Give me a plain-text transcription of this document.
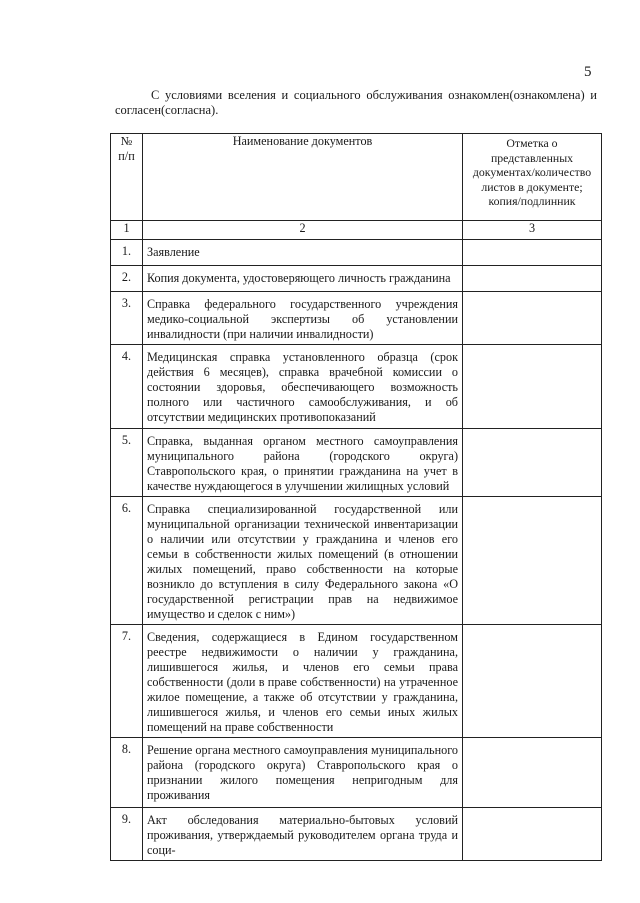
5
С условиями вселения и социального обслуживания ознакомлен(ознакомлена) и согласен(согласна).
№
п/п	Наименование документов	Отметка о представленных документах/количество листов в документе; копия/подлинник
1	2	3
1.	Заявление	
2.	Копия документа, удостоверяющего личность гражданина	
3.	Справка федерального государственного учреждения медико-социальной экспертизы об установлении инвалидности (при наличии инвалидности)	
4.	Медицинская справка установленного образца (срок действия 6 месяцев), справка врачебной комиссии о состоянии здоровья, обеспечивающего возможность полного или частичного самообслуживания, и об отсутствии медицинских противопоказаний	
5.	Справка, выданная органом местного самоуправления муниципального района (городского округа) Ставропольского края, о принятии гражданина на учет в качестве нуждающегося в улучшении жилищных условий	
6.	Справка специализированной государственной или муниципальной организации технической инвентаризации о наличии или отсутствии у гражданина и членов его семьи в собственности жилых помещений (в отношении жилых помещений, право собственности на которые возникло до вступления в силу Федерального закона «О государственной регистрации прав на недвижимое имущество и сделок с ним»)	
7.	Сведения, содержащиеся в Едином государственном реестре недвижимости о наличии у гражданина, лишившегося жилья, и членов его семьи права собственности (доли в праве собственности) на утраченное жилое помещение, а также об отсутствии у гражданина, лишившегося жилья, и членов его семьи иных жилых помещений на праве собственности	
8.	Решение органа местного самоуправления муниципального района (городского округа) Ставропольского края о признании жилого помещения непригодным для проживания	
9.	Акт обследования материально-бытовых условий проживания, утверждаемый руководителем органа труда и соци-	
